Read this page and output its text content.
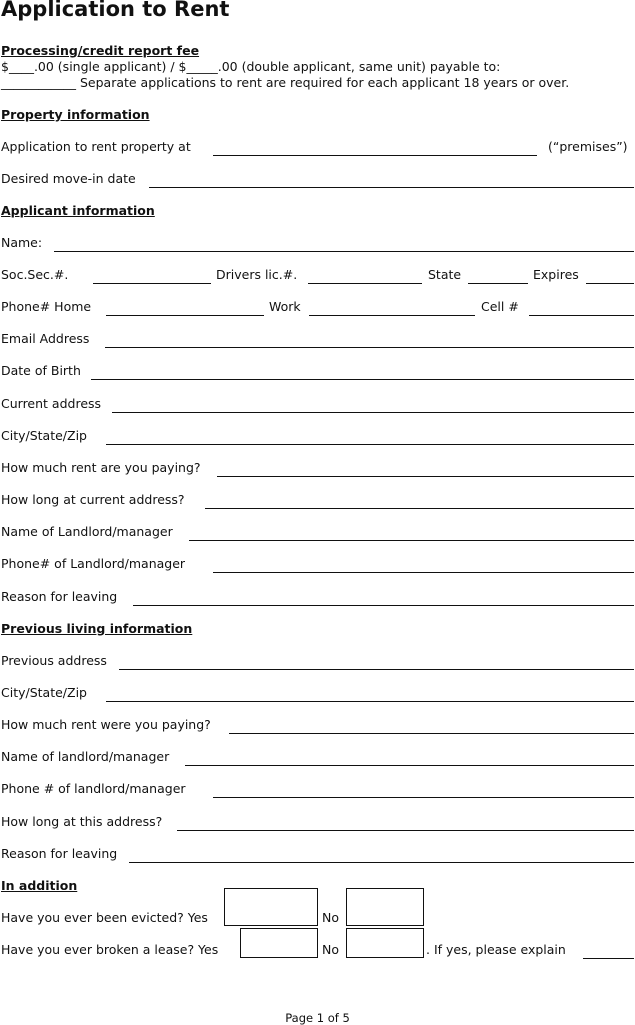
Application to Rent
Processing/credit report fee
$____.00 (single applicant) / $_____.00 (double applicant, same unit) payable to:
____________ Separate applications to rent are required for each applicant 18 years or over.
Property information
Application to rent property at	(“premises”)
Desired move-in date
Applicant information
Name:
Soc.Sec.#.	Drivers lic.#.	State	Expires
Phone# Home	Work	Cell #
Email Address
Date of Birth
Current address
City/State/Zip
How much rent are you paying?
How long at current address?
Name of Landlord/manager
Phone# of Landlord/manager
Reason for leaving
Previous living information
Previous address
City/State/Zip
How much rent were you paying?
Name of landlord/manager
Phone # of landlord/manager
How long at this address?
Reason for leaving
In addition
Have you ever been evicted? Yes	No
Have you ever broken a lease? Yes	No	. If yes, please explain
Page 1 of 5
